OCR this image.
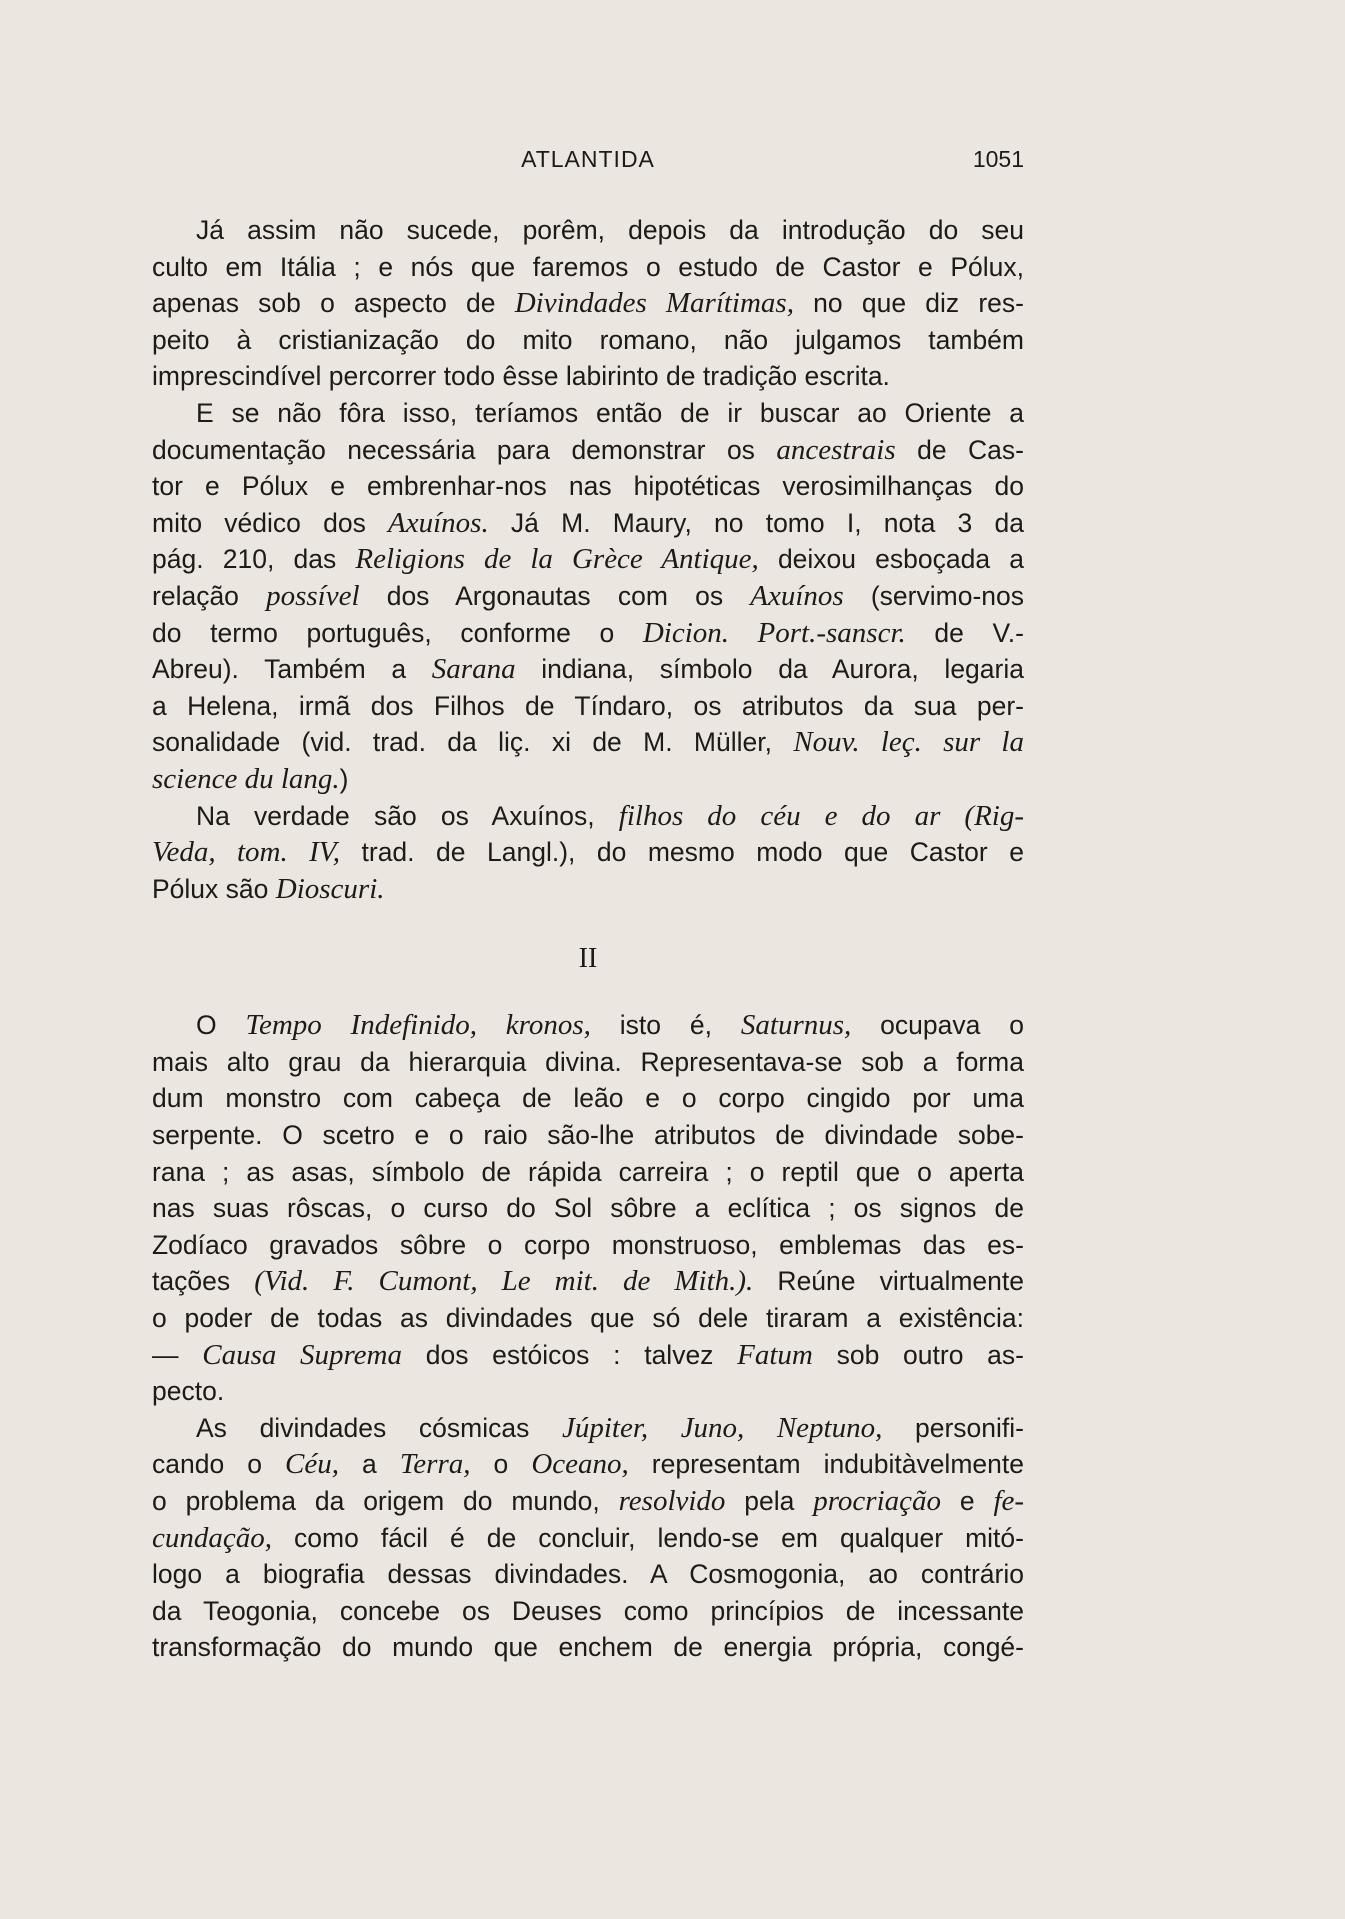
ATLANTIDA	1051
Já assim não sucede, porêm, depois da introdução do seu
culto em Itália ; e nós que faremos o estudo de Castor e Pólux,
apenas sob o aspecto de Divindades Marítimas, no que diz res-
peito à cristianização do mito romano, não julgamos também
imprescindível percorrer todo êsse labirinto de tradição escrita.
E se não fôra isso, teríamos então de ir buscar ao Oriente a
documentação necessária para demonstrar os ancestrais de Cas-
tor e Pólux e embrenhar-nos nas hipotéticas verosimilhanças do
mito védico dos Axuínos. Já M. Maury, no tomo I, nota 3 da
pág. 210, das Religions de la Grèce Antique, deixou esboçada a
relação possível dos Argonautas com os Axuínos (servimo-nos
do termo português, conforme o Dicion. Port.-sanscr. de V.-
Abreu). Também a Sarana indiana, símbolo da Aurora, legaria
a Helena, irmã dos Filhos de Tíndaro, os atributos da sua per-
sonalidade (vid. trad. da liç. xi de M. Müller, Nouv. leç. sur la
science du lang.)
Na verdade são os Axuínos, filhos do céu e do ar (Rig-
Veda, tom. IV, trad. de Langl.), do mesmo modo que Castor e
Pólux são Dioscuri.
II
O Tempo Indefinido, kronos, isto é, Saturnus, ocupava o
mais alto grau da hierarquia divina. Representava-se sob a forma
dum monstro com cabeça de leão e o corpo cingido por uma
serpente. O scetro e o raio são-lhe atributos de divindade sobe-
rana ; as asas, símbolo de rápida carreira ; o reptil que o aperta
nas suas rôscas, o curso do Sol sôbre a eclítica ; os signos de
Zodíaco gravados sôbre o corpo monstruoso, emblemas das es-
tações (Vid. F. Cumont, Le mit. de Mith.). Reúne virtualmente
o poder de todas as divindades que só dele tiraram a existência:
— Causa Suprema dos estóicos : talvez Fatum sob outro as-
pecto.
As divindades cósmicas Júpiter, Juno, Neptuno, personifi-
cando o Céu, a Terra, o Oceano, representam indubitàvelmente
o problema da origem do mundo, resolvido pela procriação e fe-
cundação, como fácil é de concluir, lendo-se em qualquer mitó-
logo a biografia dessas divindades. A Cosmogonia, ao contrário
da Teogonia, concebe os Deuses como princípios de incessante
transformação do mundo que enchem de energia própria, congé-
